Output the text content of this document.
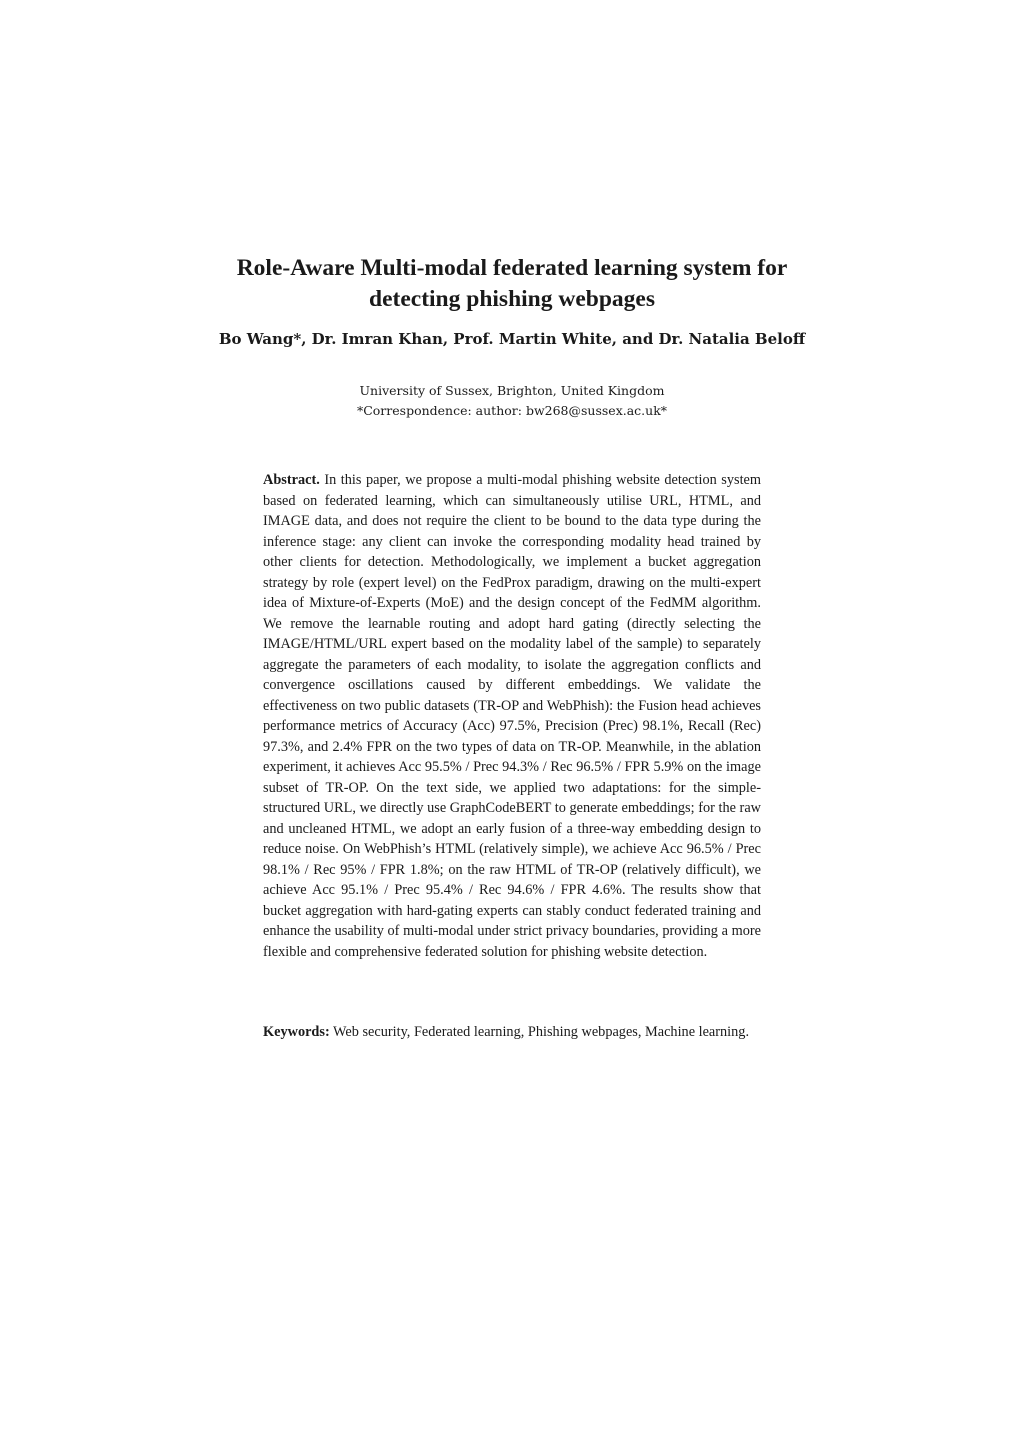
Role-Aware Multi-modal federated learning system for
detecting phishing webpages

Bo Wang*, Dr. Imran Khan, Prof. Martin White, and Dr. Natalia Beloff

University of Sussex, Brighton, United Kingdom
*Correspondence: author: bw268@sussex.ac.uk*

Abstract. In this paper, we propose a multi-modal phishing website detection system based on federated learning, which can simultaneously utilise URL, HTML, and IMAGE data, and does not require the client to be bound to the data type during the inference stage: any client can invoke the corresponding modality head trained by other clients for detection. Methodologically, we implement a bucket aggregation strategy by role (expert level) on the FedProx paradigm, drawing on the multi-expert idea of Mixture-of-Experts (MoE) and the design concept of the FedMM algorithm. We remove the learnable routing and adopt hard gating (directly selecting the IMAGE/HTML/URL expert based on the modality label of the sample) to separately aggregate the parameters of each modality, to isolate the aggregation conflicts and convergence oscillations caused by different embeddings. We validate the effectiveness on two public datasets (TR-OP and WebPhish): the Fusion head achieves performance metrics of Accuracy (Acc) 97.5%, Precision (Prec) 98.1%, Recall (Rec) 97.3%, and 2.4% FPR on the two types of data on TR-OP. Meanwhile, in the ablation experiment, it achieves Acc 95.5% / Prec 94.3% / Rec 96.5% / FPR 5.9% on the image subset of TR-OP. On the text side, we applied two adaptations: for the simple-structured URL, we directly use GraphCodeBERT to generate embeddings; for the raw and uncleaned HTML, we adopt an early fusion of a three-way embedding design to reduce noise. On WebPhish’s HTML (relatively simple), we achieve Acc 96.5% / Prec 98.1% / Rec 95% / FPR 1.8%; on the raw HTML of TR-OP (relatively difficult), we achieve Acc 95.1% / Prec 95.4% / Rec 94.6% / FPR 4.6%. The results show that bucket aggregation with hard-gating experts can stably conduct federated training and enhance the usability of multi-modal under strict privacy boundaries, providing a more flexible and comprehensive federated solution for phishing website detection.

Keywords: Web security, Federated learning, Phishing webpages, Machine learning.
